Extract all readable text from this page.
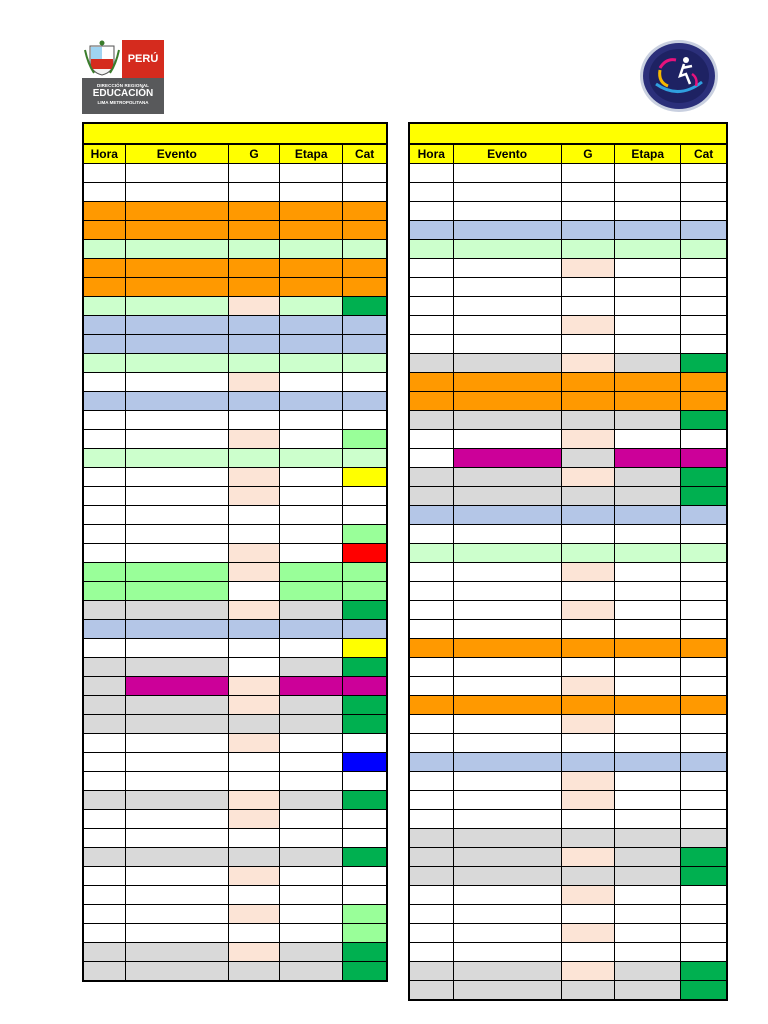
PERÚ
DIRECCIÓN REGIONAL
EDUCACIÓN
LIMA METROPOLITANA

Hora	Evento	G	Etapa	Cat

					Hora	Evento	G	Etapa	Cat
